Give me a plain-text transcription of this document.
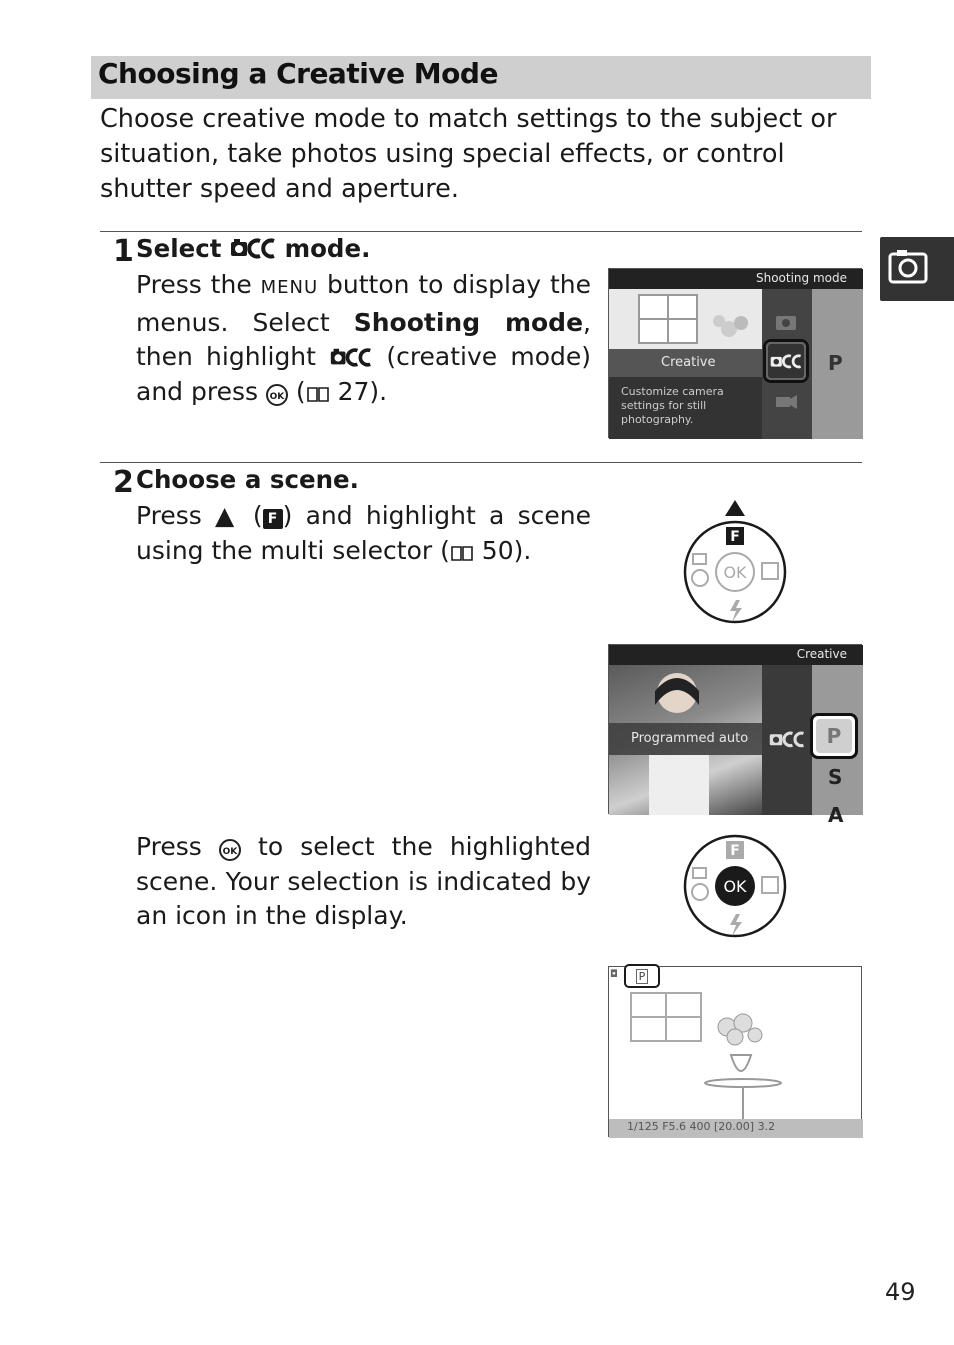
Choosing a Creative Mode
Choose creative mode to match settings to the subject or situation, take photos using special effects, or control shutter speed and aperture.
1 Select  mode.
Press the MENU button to display the menus. Select Shooting mode, then highlight  (creative mode) and press OK ( 27).
Shooting mode
Creative
Customize camera settings for still photography.
P
2 Choose a scene.
Press ▲ ( F ) and highlight a scene using the multi selector ( 50).
OK
F
Creative
Programmed auto	P
S
A
Press OK to select the highlighted scene. Your selection is indicated by an icon in the display.
OK
F
◘ P
1/125 F5.6 400 [20.00] 3.2
49
